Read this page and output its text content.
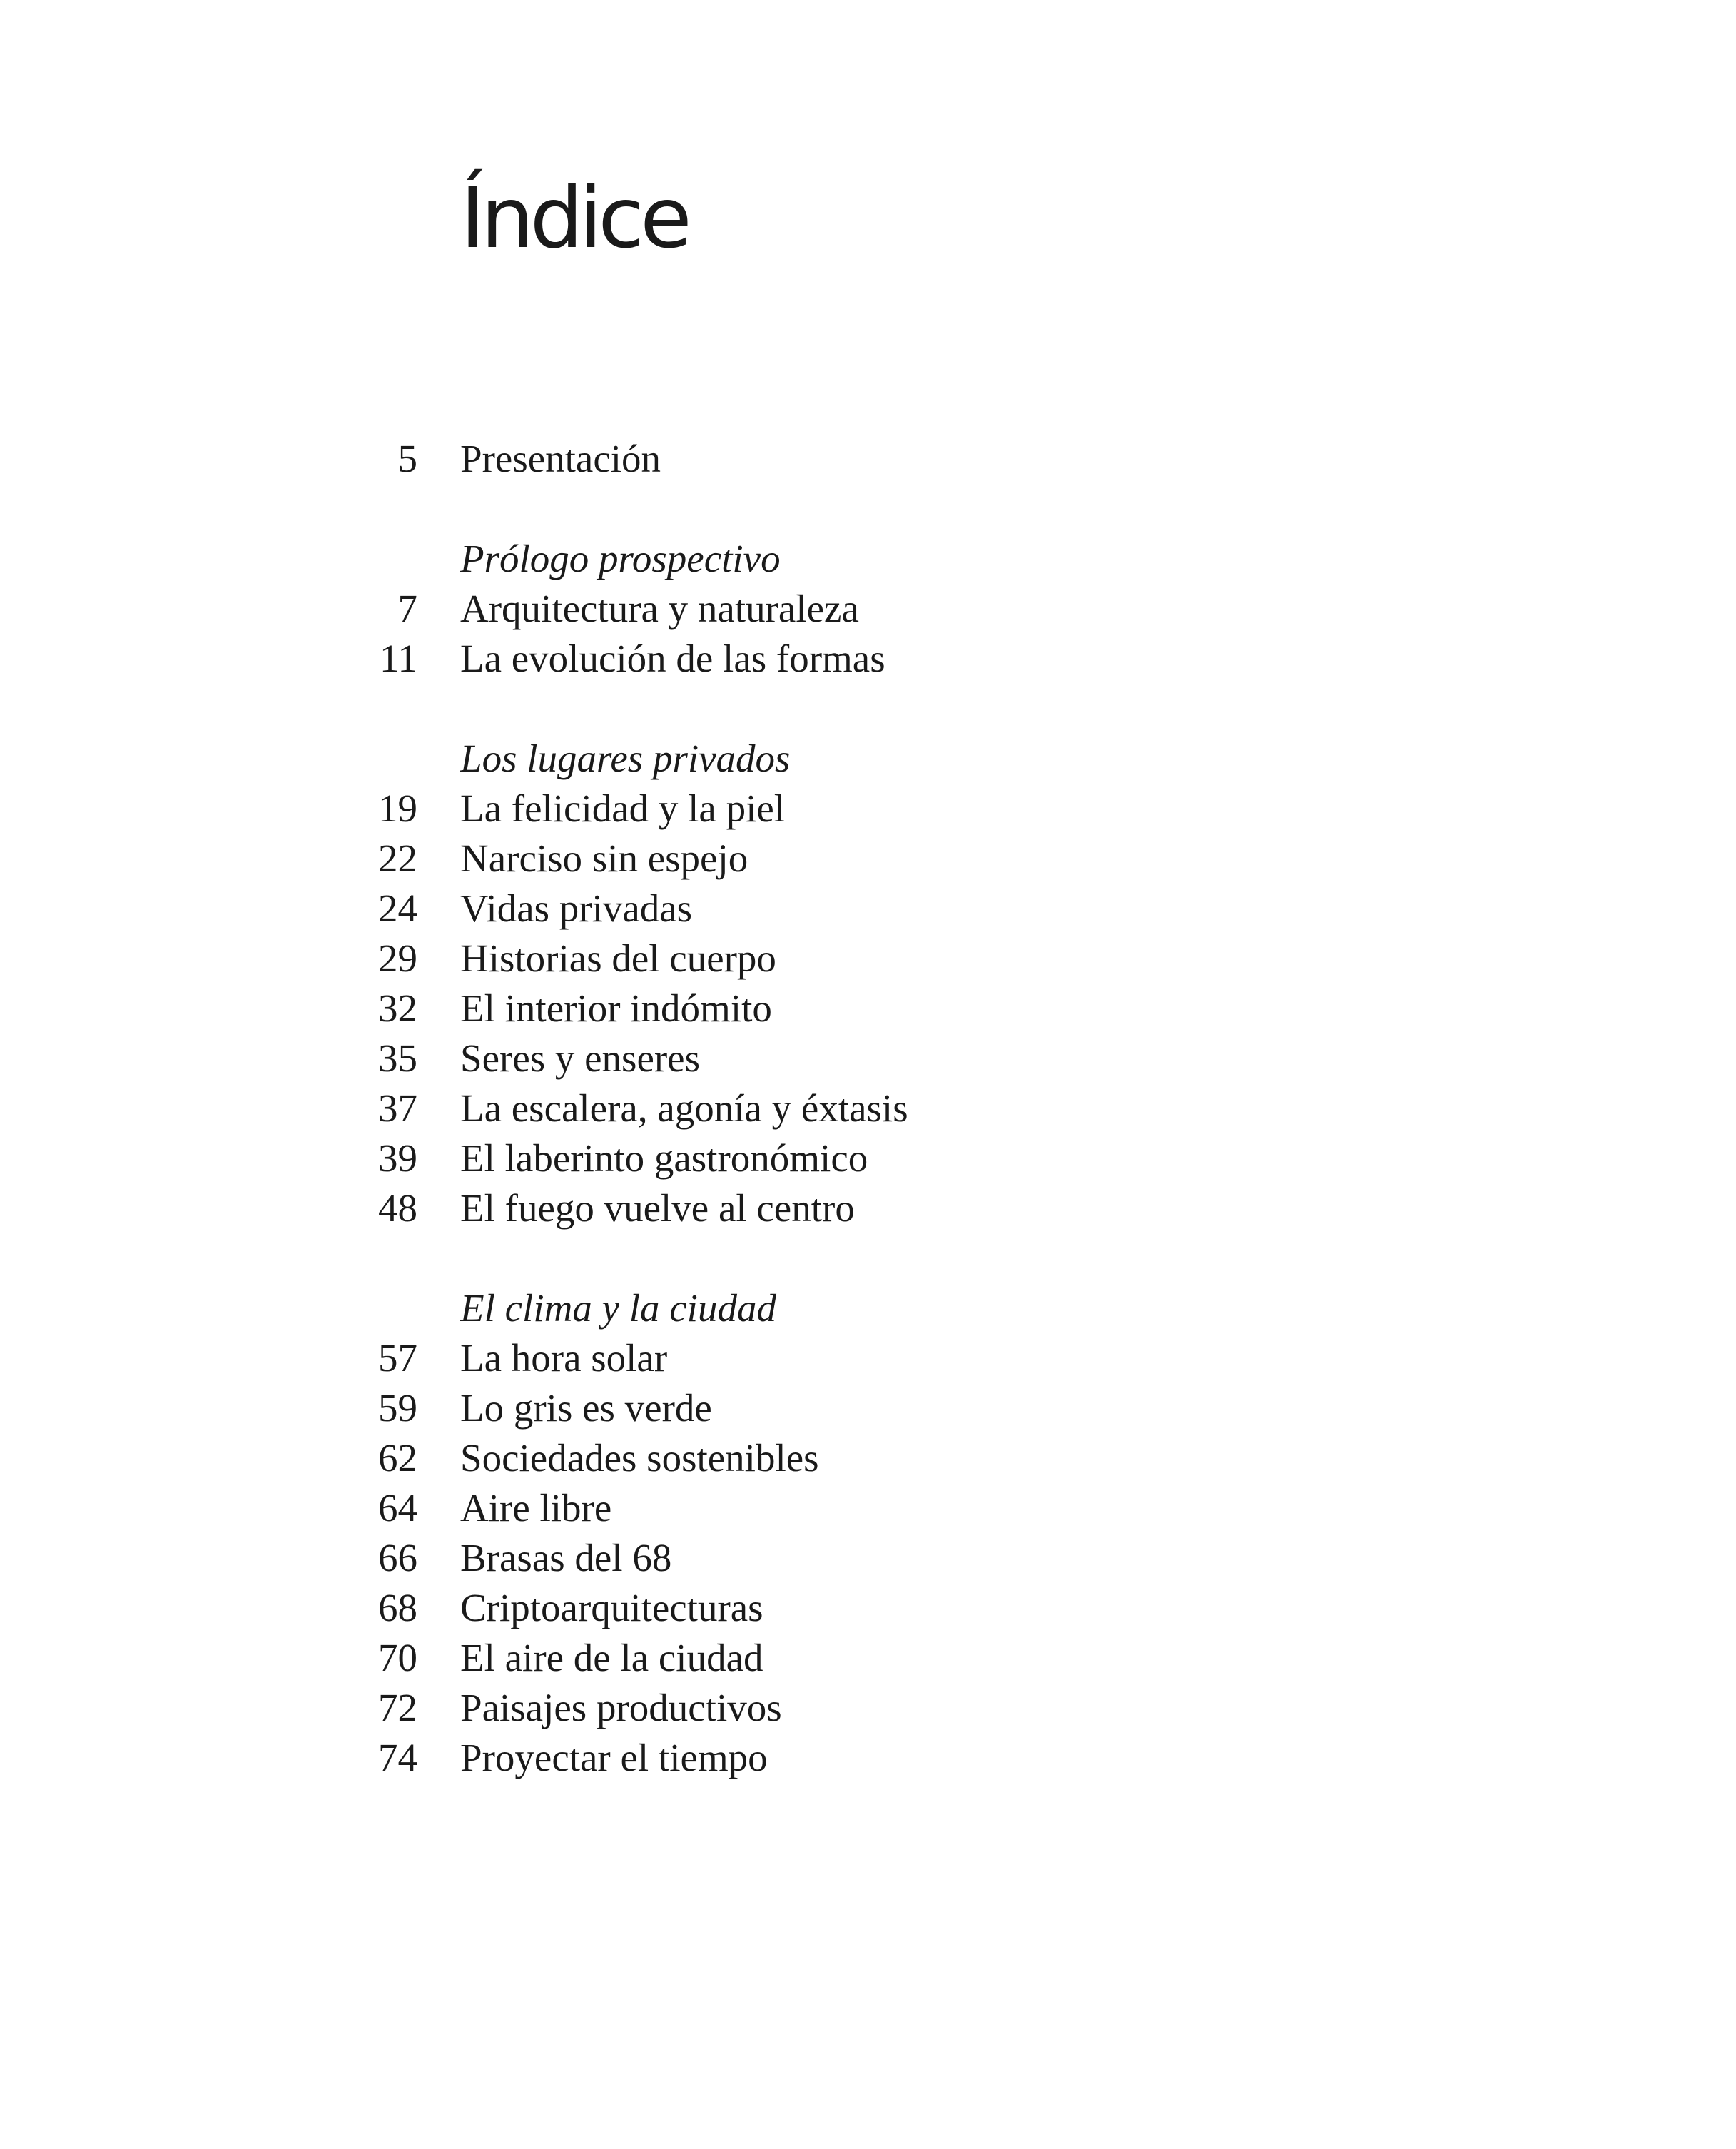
Índice
5 Presentación
Prólogo prospectivo
7 Arquitectura y naturaleza
11 La evolución de las formas
Los lugares privados
19 La felicidad y la piel
22 Narciso sin espejo
24 Vidas privadas
29 Historias del cuerpo
32 El interior indómito
35 Seres y enseres
37 La escalera, agonía y éxtasis
39 El laberinto gastronómico
48 El fuego vuelve al centro
El clima y la ciudad
57 La hora solar
59 Lo gris es verde
62 Sociedades sostenibles
64 Aire libre
66 Brasas del 68
68 Criptoarquitecturas
70 El aire de la ciudad
72 Paisajes productivos
74 Proyectar el tiempo
